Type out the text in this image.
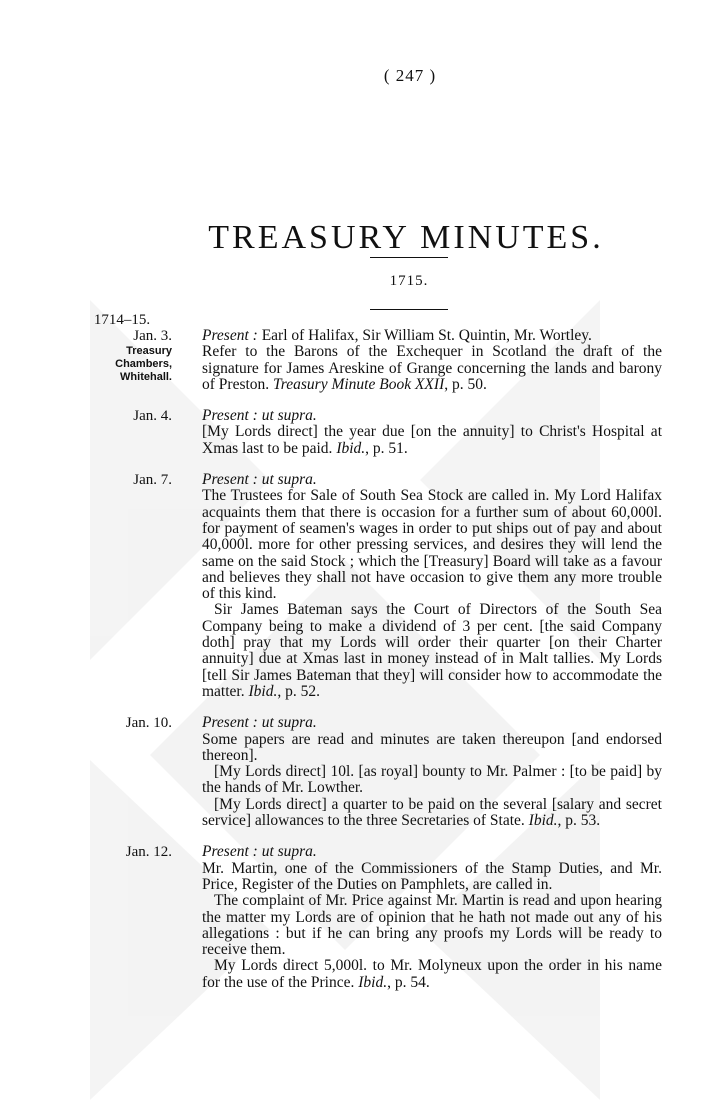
( 247 )
TREASURY MINUTES.
1715.
1714–15.
Jan. 3.
Treasury
Chambers,
Whitehall.
Present : Earl of Halifax, Sir William St. Quintin, Mr. Wortley.
Refer to the Barons of the Exchequer in Scotland the draft of the signature for James Areskine of Grange concerning the lands and barony of Preston. Treasury Minute Book XXII, p. 50.
Jan. 4. Present : ut supra.
[My Lords direct] the year due [on the annuity] to Christ's Hospital at Xmas last to be paid. Ibid., p. 51.
Jan. 7. Present : ut supra.
The Trustees for Sale of South Sea Stock are called in. My Lord Halifax acquaints them that there is occasion for a further sum of about 60,000l. for payment of seamen's wages in order to put ships out of pay and about 40,000l. more for other pressing services, and desires they will lend the same on the said Stock ; which the [Treasury] Board will take as a favour and believes they shall not have occasion to give them any more trouble of this kind.
Sir James Bateman says the Court of Directors of the South Sea Company being to make a dividend of 3 per cent. [the said Company doth] pray that my Lords will order their quarter [on their Charter annuity] due at Xmas last in money instead of in Malt tallies. My Lords [tell Sir James Bateman that they] will consider how to accommodate the matter. Ibid., p. 52.
Jan. 10. Present : ut supra.
Some papers are read and minutes are taken thereupon [and endorsed thereon].
[My Lords direct] 10l. [as royal] bounty to Mr. Palmer : [to be paid] by the hands of Mr. Lowther.
[My Lords direct] a quarter to be paid on the several [salary and secret service] allowances to the three Secretaries of State. Ibid., p. 53.
Jan. 12. Present : ut supra.
Mr. Martin, one of the Commissioners of the Stamp Duties, and Mr. Price, Register of the Duties on Pamphlets, are called in.
The complaint of Mr. Price against Mr. Martin is read and upon hearing the matter my Lords are of opinion that he hath not made out any of his allegations : but if he can bring any proofs my Lords will be ready to receive them.
My Lords direct 5,000l. to Mr. Molyneux upon the order in his name for the use of the Prince. Ibid., p. 54.
